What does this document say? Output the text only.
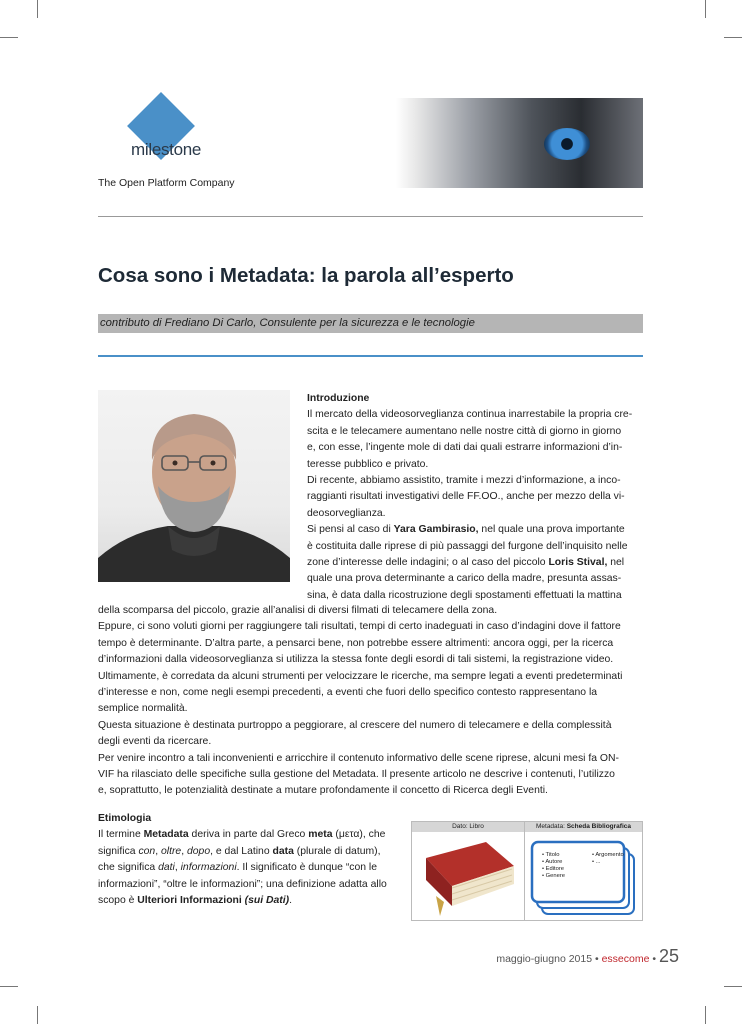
milestone
The Open Platform Company
Cosa sono i Metadata: la parola all’esperto
contributo di Frediano Di Carlo, Consulente per la sicurezza e le tecnologie

Introduzione

Il mercato della videosorveglianza continua inarrestabile la propria cre-

scita e le telecamere aumentano nelle nostre città di giorno in giorno

e, con esse, l’ingente mole di dati dai quali estrarre informazioni d’in-

teresse pubblico e privato.

Di recente, abbiamo assistito, tramite i mezzi d’informazione, a inco-

raggianti risultati investigativi delle FF.OO., anche per mezzo della vi-

deosorveglianza.

Si pensi al caso di Yara Gambirasio, nel quale una prova importante

è costituita dalle riprese di più passaggi del furgone dell’inquisito nelle

zone d’interesse delle indagini; o al caso del piccolo Loris Stival, nel

quale una prova determinante a carico della madre, presunta assas-

sina, è data dalla ricostruzione degli spostamenti effettuati la mattina

della scomparsa del piccolo, grazie all’analisi di diversi filmati di telecamere della zona.

Eppure, ci sono voluti giorni per raggiungere tali risultati, tempi di certo inadeguati in caso d’indagini dove il fattore

tempo è determinante. D’altra parte, a pensarci bene, non potrebbe essere altrimenti: ancora oggi, per la ricerca

d’informazioni dalla videosorveglianza si utilizza la stessa fonte degli esordi di tali sistemi, la registrazione video.

Ultimamente, è corredata da alcuni strumenti per velocizzare le ricerche, ma sempre legati a eventi predeterminati

d’interesse e non, come negli esempi precedenti, a eventi che fuori dello specifico contesto rappresentano la

semplice normalità.

Questa situazione è destinata purtroppo a peggiorare, al crescere del numero di telecamere e della complessità

degli eventi da ricercare.

Per venire incontro a tali inconvenienti e arricchire il contenuto informativo delle scene riprese, alcuni mesi fa ON-

VIF ha rilasciato delle specifiche sulla gestione del Metadata. Il presente articolo ne descrive i contenuti, l’utilizzo

e, soprattutto, le potenzialità destinate a mutare profondamente il concetto di Ricerca degli Eventi.

Etimologia

Il termine Metadata deriva in parte dal Greco meta (μετα), che

significa con, oltre, dopo, e dal Latino data (plurale di datum),

che significa dati, informazioni. Il significato è dunque “con le

informazioni”, “oltre le informazioni”; una definizione adatta allo

scopo è Ulteriori Informazioni (sui Dati).

Dato: Libro	Metadata: Scheda Bibliografica
• Titolo
• Autore
• Editore
• Genere
• Argomento
• ...
maggio-giugno 2015 • essecome • 25
